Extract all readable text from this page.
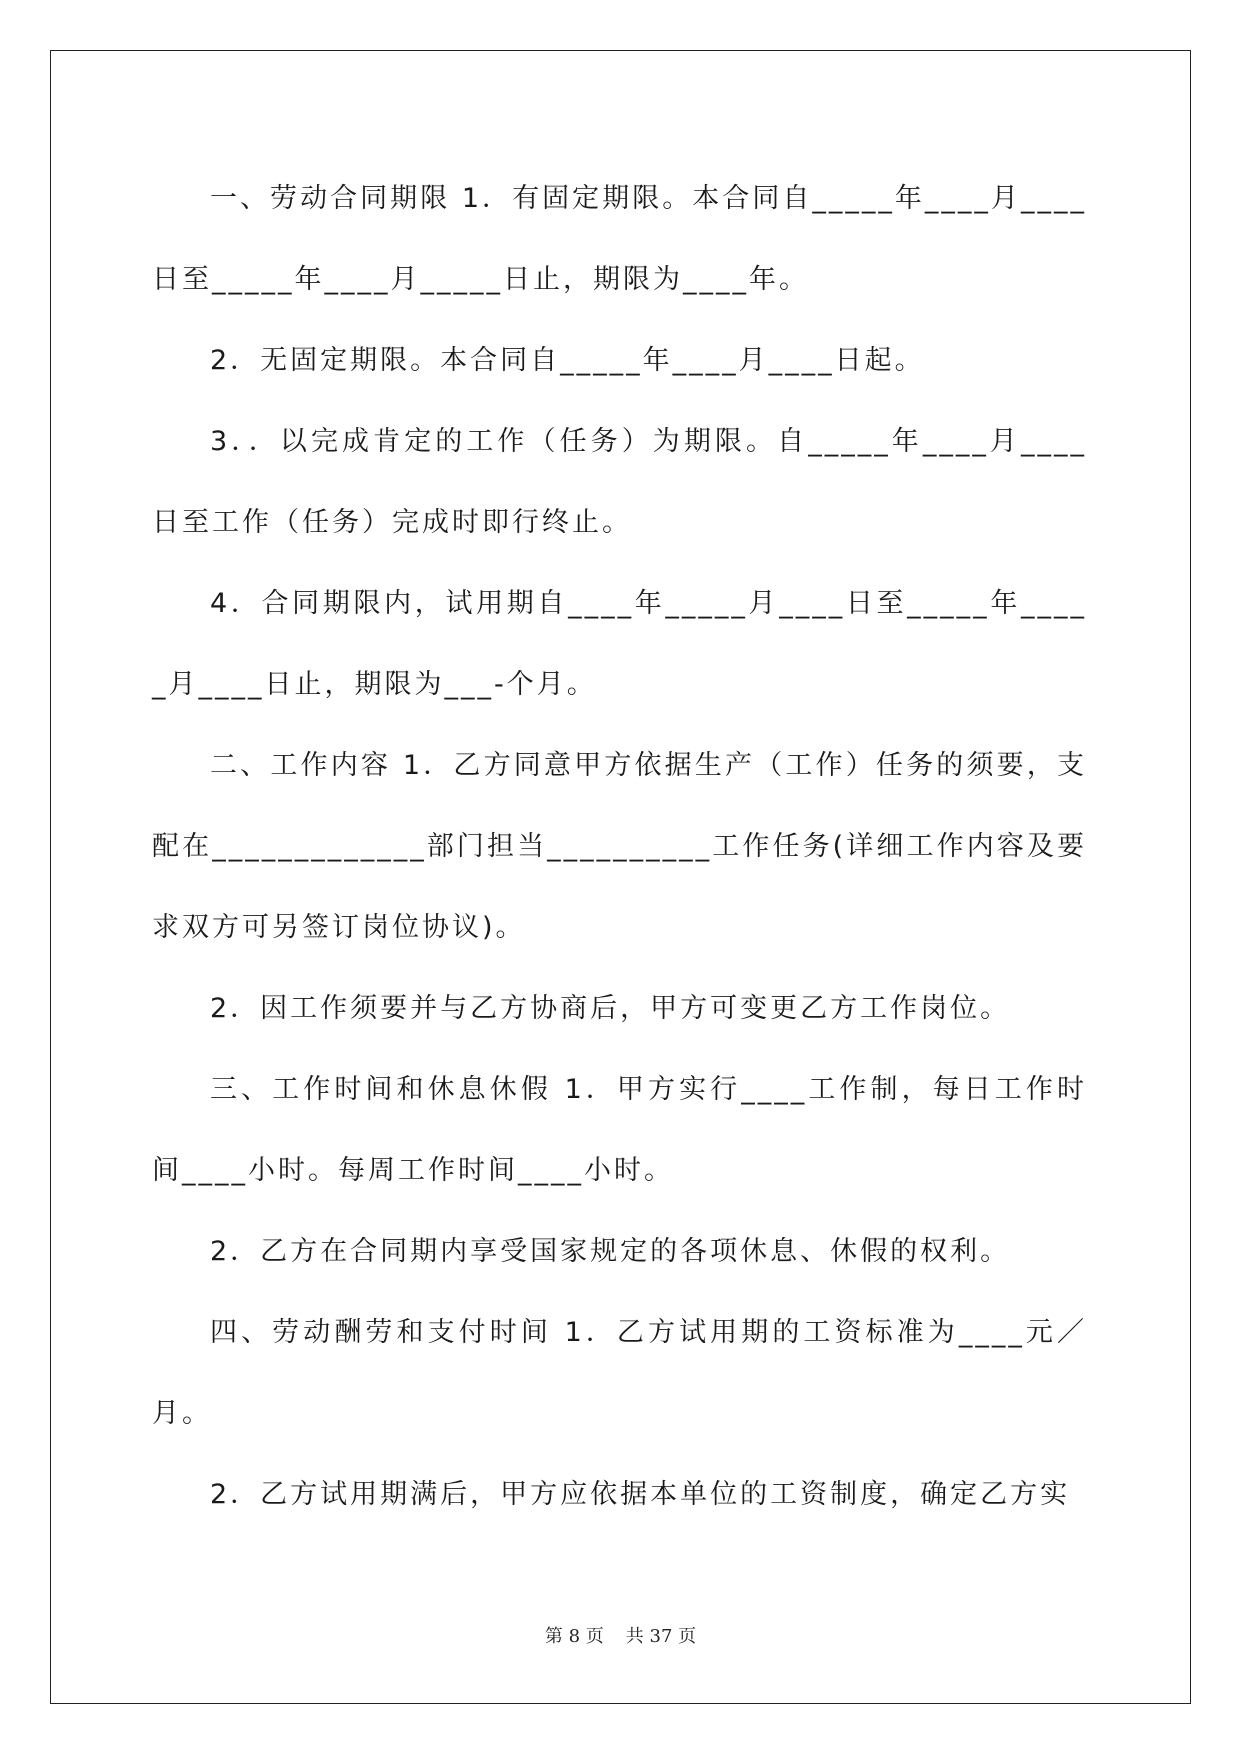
一、劳动合同期限 1．有固定期限。本合同自_____年____月____日至_____年____月_____日止，期限为____年。

2．无固定期限。本合同自_____年____月____日起。

3．．以完成肯定的工作（任务）为期限。自_____年____月____日至工作（任务）完成时即行终止。

4．合同期限内，试用期自____年_____月____日至_____年_____月____日止，期限为___-个月。

二、工作内容 1．乙方同意甲方依据生产（工作）任务的须要，支配在_____________部门担当__________工作任务(详细工作内容及要求双方可另签订岗位协议)。

2．因工作须要并与乙方协商后，甲方可变更乙方工作岗位。

三、工作时间和休息休假 1．甲方实行____工作制，每日工作时间____小时。每周工作时间____小时。

2．乙方在合同期内享受国家规定的各项休息、休假的权利。

四、劳动酬劳和支付时间 1．乙方试用期的工资标准为____元／月。

2．乙方试用期满后，甲方应依据本单位的工资制度，确定乙方实

第 8 页 共 37 页
